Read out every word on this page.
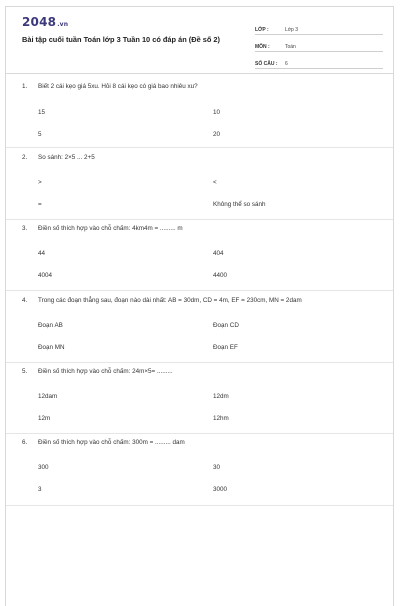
2048.vn
Bài tập cuối tuần Toán lớp 3 Tuần 10 có đáp án (Đề số 2)
LỚP :	Lớp 3
MÔN :	Toán
SỐ CÂU : 6
1. Biết 2 cái kẹo giá 5xu. Hỏi 8 cái kẹo có giá bao nhiêu xu?
15	10
5	20
2. So sánh: 2×5 ... 2+5
>	<
=	Không thể so sánh
3. Điền số thích hợp vào chỗ chấm: 4km4m = ......... m
44	404
4004	4400
4. Trong các đoạn thẳng sau, đoạn nào dài nhất: AB = 30dm, CD = 4m, EF = 230cm, MN = 2dam
Đoạn AB	Đoạn CD
Đoạn MN	Đoạn EF
5. Điền số thích hợp vào chỗ chấm: 24m×5= .........
12dam	12dm
12m	12hm
6. Điền số thích hợp vào chỗ chấm: 300m = ......... dam
300	30
3	3000
